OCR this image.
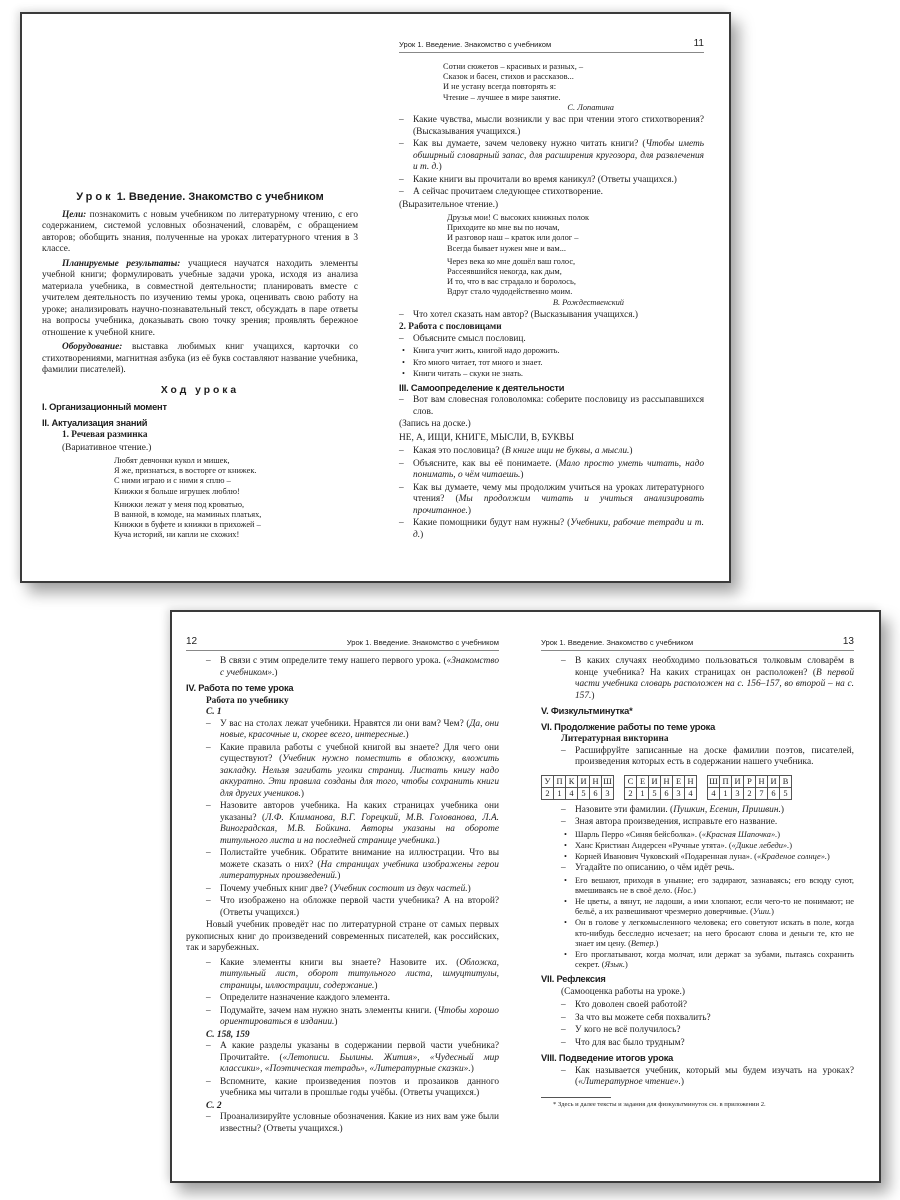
Урок 1. Введение. Знакомство с учебником

Цели: познакомить с новым учебником по литературному чтению, с его содержанием, системой условных обозначений, словарём, с обращением авторов; обобщить знания, полученные на уроках литературного чтения в 3 классе.

Планируемые результаты: учащиеся научатся находить элементы учебной книги; формулировать учебные задачи урока, исходя из анализа материала учебника, в совместной деятельности; планировать вместе с учителем деятельность по изучению темы урока, оценивать свою работу на уроке; анализировать научно-познавательный текст, обсуждать в паре ответы на вопросы учебника, доказывать свою точку зрения; проявлять бережное отношение к учебной книге.

Оборудование: выставка любимых книг учащихся, карточки со стихотворениями, магнитная азбука (из её букв составляют название учебника, фамилии писателей).

Ход урока
I. Организационный момент
II. Актуализация знаний
1. Речевая разминка
(Вариативное чтение.)
Любят девчонки кукол и мишек,
Я же, признаться, в восторге от книжек.
С ними играю и с ними я сплю –
Книжки я больше игрушек люблю!
Книжки лежат у меня под кроватью,
В ванной, в комоде, на маминых платьях,
Книжки в буфете и книжки в прихожей –
Куча историй, ни капли не схожих!
Урок 1. Введение. Знакомство с учебником	11
Сотни сюжетов – красивых и разных, –
Сказок и басен, стихов и рассказов...
И не устану всегда повторять я:
Чтение – лучшее в мире занятие.
С. Лопатина
– Какие чувства, мысли возникли у вас при чтении этого стихотворения? (Высказывания учащихся.)
– Как вы думаете, зачем человеку нужно читать книги? (Чтобы иметь обширный словарный запас, для расширения кругозора, для развлечения и т. д.)
– Какие книги вы прочитали во время каникул? (Ответы учащихся.)
– А сейчас прочитаем следующее стихотворение.
(Выразительное чтение.)
Друзья мои! С высоких книжных полок
Приходите ко мне вы по ночам,
И разговор наш – краток или долог –
Всегда бывает нужен мне и вам...
Через века ко мне дошёл ваш голос,
Рассеявшийся некогда, как дым,
И то, что в вас страдало и боролось,
Вдруг стало чудодейственно моим.
В. Рождественский
– Что хотел сказать нам автор? (Высказывания учащихся.)
2. Работа с пословицами
– Объясните смысл пословиц.
• Книга учит жить, книгой надо дорожить.
• Кто много читает, тот много и знает.
• Книги читать – скуки не знать.
III. Самоопределение к деятельности
– Вот вам словесная головоломка: соберите пословицу из рассыпавшихся слов.
(Запись на доске.)
НЕ, А, ИЩИ, КНИГЕ, МЫСЛИ, В, БУКВЫ
– Какая это пословица? (В книге ищи не буквы, а мысли.)
– Объясните, как вы её понимаете. (Мало просто уметь читать, надо понимать, о чём читаешь.)
– Как вы думаете, чему мы продолжим учиться на уроках литературного чтения? (Мы продолжим читать и учиться анализировать прочитанное.)
– Какие помощники будут нам нужны? (Учебники, рабочие тетради и т. д.)
12	Урок 1. Введение. Знакомство с учебником
– В связи с этим определите тему нашего первого урока. («Знакомство с учебником».)
IV. Работа по теме урока
Работа по учебнику
С. 1
– У вас на столах лежат учебники. Нравятся ли они вам? Чем? (Да, они новые, красочные и, скорее всего, интересные.)
– Какие правила работы с учебной книгой вы знаете? Для чего они существуют? (Учебник нужно поместить в обложку, вложить закладку. Нельзя загибать уголки страниц. Листать книгу надо аккуратно. Эти правила созданы для того, чтобы сохранить книги для других учеников.)
– Назовите авторов учебника. На каких страницах учебника они указаны? (Л.Ф. Климанова, В.Г. Горецкий, М.В. Голованова, Л.А. Виноградская, М.В. Бойкина. Авторы указаны на обороте титульного листа и на последней странице учебника.)
– Полистайте учебник. Обратите внимание на иллюстрации. Что вы можете сказать о них? (На страницах учебника изображены герои литературных произведений.)
– Почему учебных книг две? (Учебник состоит из двух частей.)
– Что изображено на обложке первой части учебника? А на второй? (Ответы учащихся.)

Новый учебник проведёт нас по литературной стране от самых первых рукописных книг до произведений современных писателей, как российских, так и зарубежных.

– Какие элементы книги вы знаете? Назовите их. (Обложка, титульный лист, оборот титульного листа, шмуцтитулы, страницы, иллюстрации, содержание.)
– Определите назначение каждого элемента.
– Подумайте, зачем нам нужно знать элементы книги. (Чтобы хорошо ориентироваться в издании.)
С. 158, 159
– А какие разделы указаны в содержании первой части учебника? Прочитайте. («Летописи. Былины. Жития», «Чудесный мир классики», «Поэтическая тетрадь», «Литературные сказки».)
– Вспомните, какие произведения поэтов и прозаиков данного учебника мы читали в прошлые годы учёбы. (Ответы учащихся.)
С. 2
– Проанализируйте условные обозначения. Какие из них вам уже были известны? (Ответы учащихся.)
Урок 1. Введение. Знакомство с учебником	13
– В каких случаях необходимо пользоваться толковым словарём в конце учебника? На каких страницах он расположен? (В первой части учебника словарь расположен на с. 156–157, во второй – на с. 157.)
V. Физкультминутка*
VI. Продолжение работы по теме урока
Литературная викторина
– Расшифруйте записанные на доске фамилии поэтов, писателей, произведения которых есть в содержании нашего учебника.
У	П	К	И	Н	Ш
2	1	4	5	6	3
С	Е	И	Н	Е	Н
2	1	5	6	3	4
Ш	П	И	Р	Н	И	В
4	1	3	2	7	6	5
– Назовите эти фамилии. (Пушкин, Есенин, Пришвин.)
– Зная автора произведения, исправьте его название.
• Шарль Перро «Синяя бейсболка». («Красная Шапочка».)
• Ханс Кристиан Андерсен «Ручные утята». («Дикие лебеди».)
• Корней Иванович Чуковский «Подаренная луна». («Краденое солнце».)
– Угадайте по описанию, о чём идёт речь.
• Его вешают, приходя в уныние; его задирают, зазнаваясь; его всюду суют, вмешиваясь не в своё дело. (Нос.)
• Не цветы, а вянут, не ладоши, а ими хлопают, если чего-то не понимают; не бельё, а их развешивают чрезмерно доверчивые. (Уши.)
• Он в голове у легкомысленного человека; его советуют искать в поле, когда кто-нибудь бесследно исчезает; на него бросают слова и деньги те, кто не знает им цену. (Ветер.)
• Его проглатывают, когда молчат, или держат за зубами, пытаясь сохранить секрет. (Язык.)
VII. Рефлексия
(Самооценка работы на уроке.)
– Кто доволен своей работой?
– За что вы можете себя похвалить?
– У кого не всё получилось?
– Что для вас было трудным?
VIII. Подведение итогов урока
– Как называется учебник, который мы будем изучать на уроках? («Литературное чтение».)
* Здесь и далее тексты и задания для физкультминуток см. в приложении 2.
